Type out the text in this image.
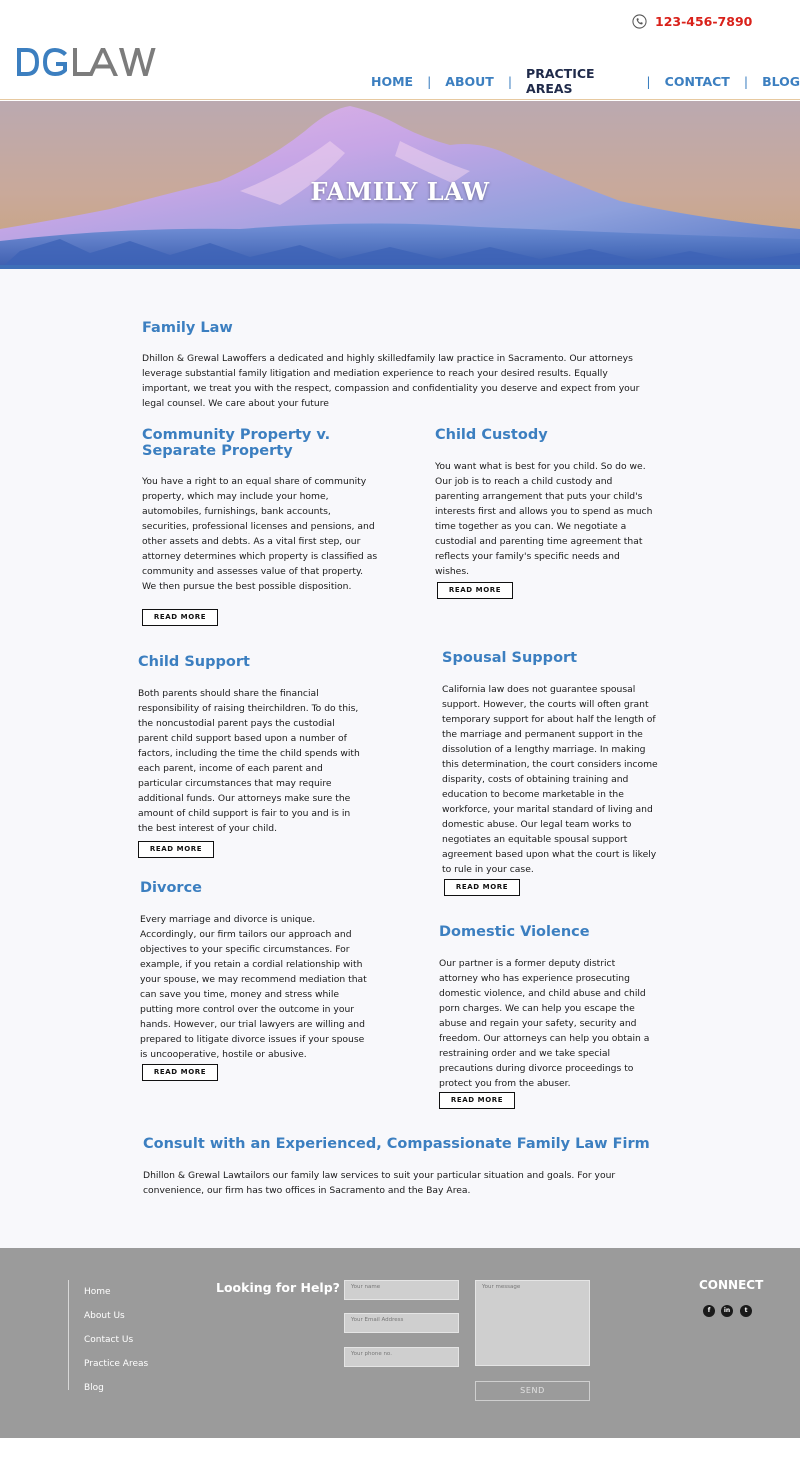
123-456-7890
HOME | ABOUT | PRACTICE AREAS	| CONTACT | BLOG
FAMILY LAW
Family Law
Dhillon & Grewal Lawoffers a dedicated and highly skilledfamily law practice in Sacramento. Our attorneys leverage substantial family litigation and mediation experience to reach your desired results. Equally important, we treat you with the respect, compassion and confidentiality you deserve and expect from your legal counsel. We care about your future
Community Property v. Separate Property
You have a right to an equal share of community property, which may include your home, automobiles, furnishings, bank accounts, securities, professional licenses and pensions, and other assets and debts. As a vital first step, our attorney determines which property is classified as community and assesses value of that property. We then pursue the best possible disposition.
READ MORE
Child Custody
You want what is best for you child. So do we. Our job is to reach a child custody and parenting arrangement that puts your child's interests first and allows you to spend as much time together as you can. We negotiate a custodial and parenting time agreement that reflects your family's specific needs and wishes.
READ MORE
Child Support
Both parents should share the financial responsibility of raising theirchildren. To do this, the noncustodial parent pays the custodial parent child support based upon a number of factors, including the time the child spends with each parent, income of each parent and particular circumstances that may require additional funds. Our attorneys make sure the amount of child support is fair to you and is in the best interest of your child.
READ MORE
Spousal Support
California law does not guarantee spousal support. However, the courts will often grant temporary support for about half the length of the marriage and permanent support in the dissolution of a lengthy marriage. In making this determination, the court considers income disparity, costs of obtaining training and education to become marketable in the workforce, your marital standard of living and domestic abuse. Our legal team works to negotiates an equitable spousal support agreement based upon what the court is likely to rule in your case.
READ MORE
Divorce
Every marriage and divorce is unique. Accordingly, our firm tailors our approach and objectives to your specific circumstances. For example, if you retain a cordial relationship with your spouse, we may recommend mediation that can save you time, money and stress while putting more control over the outcome in your hands. However, our trial lawyers are willing and prepared to litigate divorce issues if your spouse is uncooperative, hostile or abusive.
READ MORE
Domestic Violence
Our partner is a former deputy district attorney who has experience prosecuting domestic violence, and child abuse and child porn charges. We can help you escape the abuse and regain your safety, security and freedom. Our attorneys can help you obtain a restraining order and we take special precautions during divorce proceedings to protect you from the abuser.
READ MORE
Consult with an Experienced, Compassionate Family Law Firm
Dhillon & Grewal Lawtailors our family law services to suit your particular situation and goals. For your convenience, our firm has two offices in Sacramento and the Bay Area.
Home
About Us
Contact Us
Practice Areas
Blog
Looking for Help?	Your name
Your Email Address
Your phone no.
Your message
SEND
CONNECT
f	in	t
